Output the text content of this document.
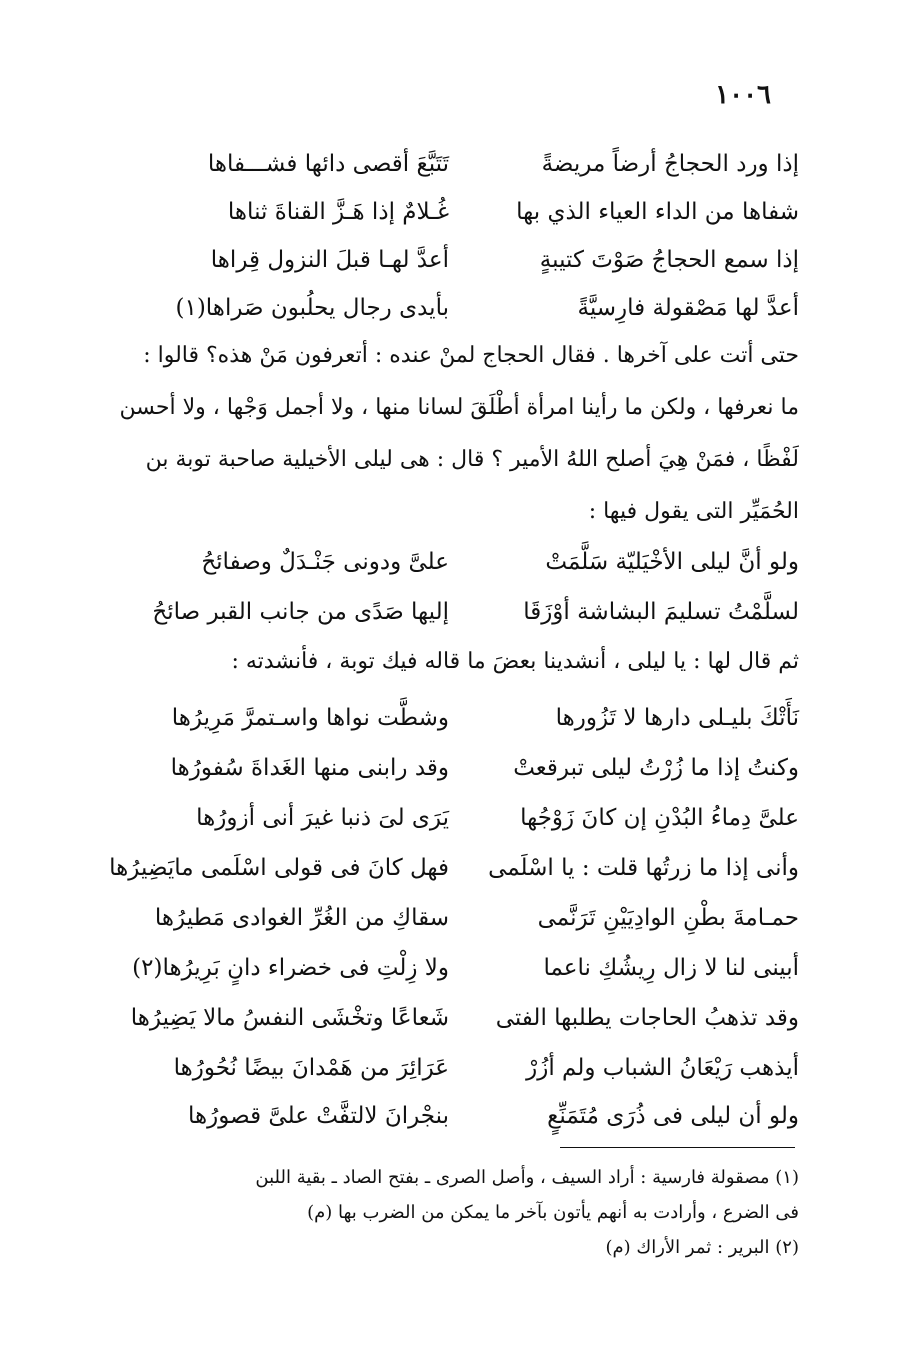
١٠٠٦
إذا ورد الحجاجُ أرضاً مريضةً
تَتَبَّعَ أقصى دائها فشـــفاها
شفاها من الداء العياء الذي بها
غُـلامٌ إذا هَـزَّ القناةَ ثناها
إذا سمع الحجاجُ صَوْتَ كتيبةٍ
أعدَّ لهـا قبلَ النزول قِراها
أعدَّ لها مَصْقولة فارِسيَّةً
بأيدى رجال يحلُبون صَراها(١)
حتى أتت على آخرها . فقال الحجاج لمنْ عنده : أتعرفون مَنْ هذه؟ قالوا :
ما نعرفها ، ولكن ما رأينا امرأة أطْلَقَ لسانا منها ، ولا أجمل وَجْها ، ولا أحسن
لَفْظًا ، فمَنْ هِيَ أصلح اللهُ الأمير ؟ قال : هى ليلى الأخيلية صاحبة توبة بن
الحُمَيِّر التى يقول فيها :
ولو أنَّ ليلى الأخْيَليّة سَلَّمَتْ
علىَّ ودونى جَنْـدَلٌ وصفائحُ
لسلَّمْتُ تسليمَ البشاشة أوْزَقَا
إليها صَدًى من جانب القبر صائحُ
ثم قال لها : يا ليلى ، أنشدينا بعضَ ما قاله فيك توبة ، فأنشدته :
نَأَتْكَ بليـلى دارها لا تَزُورها
وشطَّت نواها واسـتمرَّ مَرِيرُها
وكنتُ إذا ما زُرْتُ ليلى تبرقعتْ
وقد رابنى منها الغَداةَ سُفورُها
علىَّ دِماءُ البُدْنِ إن كانَ زَوْجُها
يَرَى لىَ ذنبا غيرَ أنى أزورُها
وأنى إذا ما زرتُها قلت : يا اسْلَمى
فهل كانَ فى قولى اسْلَمى مايَضِيرُها
حمـامةَ بطْنِ الوادِيَيْنِ تَرَنَّمى
سقاكِ من الغُرِّ الغوادى مَطيرُها
أبينى لنا لا زال رِيشُكِ ناعما
ولا زِلْتِ فى خضراء دانٍ بَرِيرُها(٢)
وقد تذهبُ الحاجات يطلبها الفتى
شَعاعًا وتخْشَى النفسُ مالا يَضِيرُها
أيذهب رَيْعَانُ الشباب ولم أزُرْ
عَرَائِرَ من هَمْدانَ بيضًا نُحُورُها
ولو أن ليلى فى ذُرَى مُتَمَنِّعٍ
بنجْرانَ لالتفَّتْ علىَّ قصورُها
(١) مصقولة فارسية : أراد السيف ، وأصل الصرى ـ بفتح الصاد ـ بقية اللبن
فى الضرع ، وأرادت به أنهم يأتون بآخر ما يمكن من الضرب بها (م)
(٢) البرير : ثمر الأراك (م)
